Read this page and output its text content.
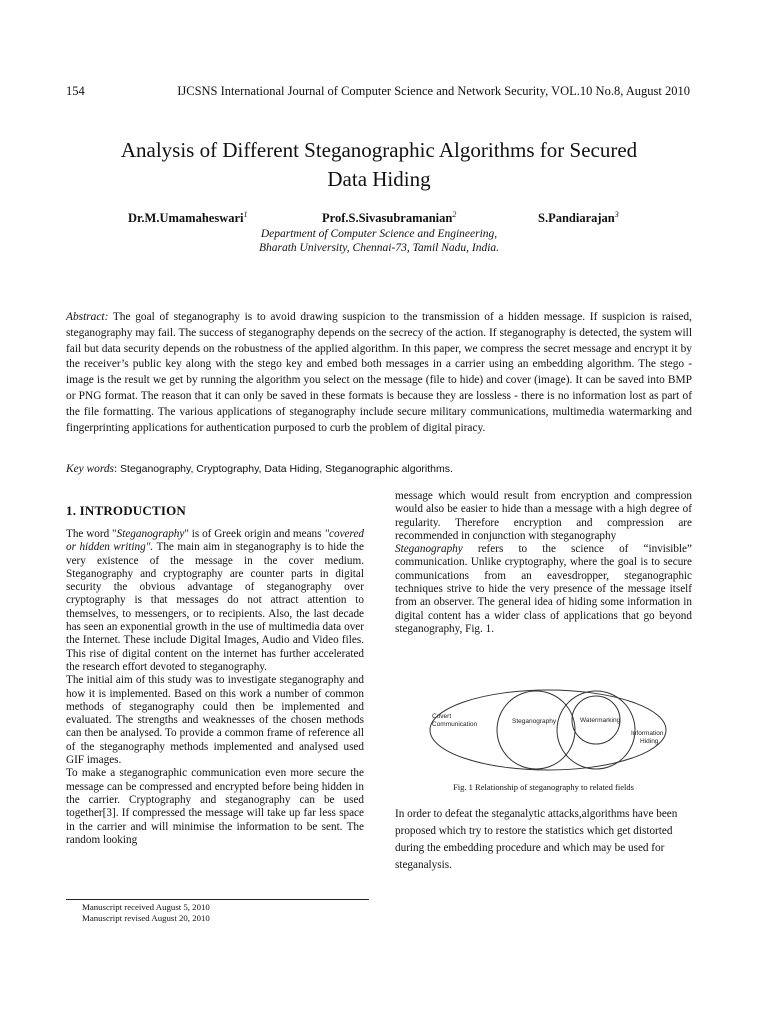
154	IJCSNS International Journal of Computer Science and Network Security, VOL.10 No.8, August 2010
Analysis of Different Steganographic Algorithms for Secured
Data Hiding
Dr.M.Umamaheswari$^1$	Prof.S.Sivasubramanian$^2$	S.Pandiarajan$^3$
Department of Computer Science and Engineering,
Bharath University, Chennai-73, Tamil Nadu, India.
Abstract: The goal of steganography is to avoid drawing suspicion to the transmission of a hidden message. If suspicion is raised, steganography may fail. The success of steganography depends on the secrecy of the action. If steganography is detected, the system will fail but data security depends on the robustness of the applied algorithm. In this paper, we compress the secret message and encrypt it by the receiver’s public key along with the stego key and embed both messages in a carrier using an embedding algorithm. The stego - image is the result we get by running the algorithm you select on the message (file to hide) and cover (image). It can be saved into BMP or PNG format. The reason that it can only be saved in these formats is because they are lossless - there is no information lost as part of the file formatting. The various applications of steganography include secure military communications, multimedia watermarking and fingerprinting applications for authentication purposed to curb the problem of digital piracy.
Key words: Steganography, Cryptography, Data Hiding, Steganographic algorithms.
1. INTRODUCTION

The word "Steganography" is of Greek origin and means "covered or hidden writing". The main aim in steganography is to hide the very existence of the message in the cover medium. Steganography and cryptography are counter parts in digital security the obvious advantage of steganography over cryptography is that messages do not attract attention to themselves, to messengers, or to recipients. Also, the last decade has seen an exponential growth in the use of multimedia data over the Internet. These include Digital Images, Audio and Video files. This rise of digital content on the internet has further accelerated the research effort devoted to steganography.

The initial aim of this study was to investigate steganography and how it is implemented. Based on this work a number of common methods of steganography could then be implemented and evaluated. The strengths and weaknesses of the chosen methods can then be analysed. To provide a common frame of reference all of the steganography methods implemented and analysed used GIF images.

To make a steganographic communication even more secure the message can be compressed and encrypted before being hidden in the carrier. Cryptography and steganography can be used together[3]. If compressed the message will take up far less space in the carrier and will minimise the information to be sent. The random looking

message which would result from encryption and compression would also be easier to hide than a message with a high degree of regularity. Therefore encryption and compression are recommended in conjunction with steganography

Steganography refers to the science of “invisible” communication. Unlike cryptography, where the goal is to secure communications from an eavesdropper, steganographic techniques strive to hide the very presence of the message itself from an observer. The general idea of hiding some information in digital content has a wider class of applications that go beyond steganography, Fig. 1.

Covert
Communication	Steganography	Watermarking
Information
Hiding
Fig. 1 Relationship of steganography to related fields

In order to defeat the steganalytic attacks,algorithms have been proposed which try to restore the statistics which get distorted during the embedding procedure and which may be used for steganalysis.

Manuscript received August 5, 2010
Manuscript revised August 20, 2010
